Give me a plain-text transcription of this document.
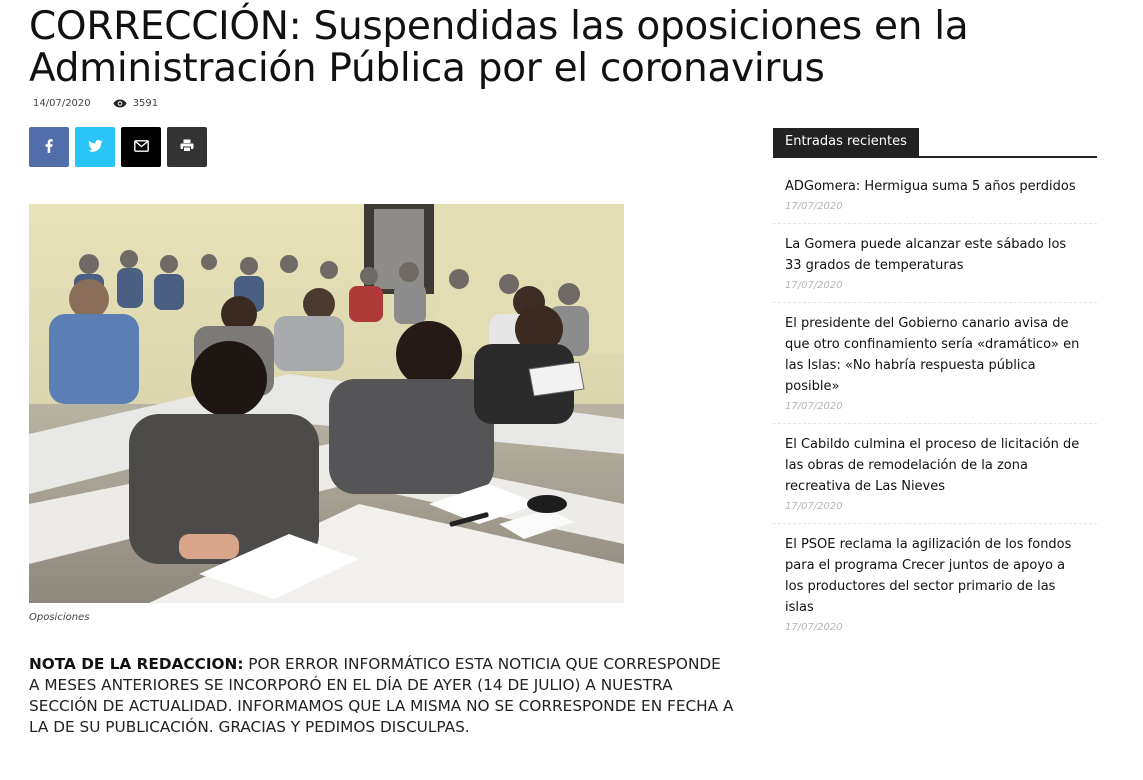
CORRECCIÓN: Suspendidas las oposiciones en la Administración Pública por el coronavirus
14/07/2020	3591
Oposiciones

NOTA DE LA REDACCION: POR ERROR INFORMÁTICO ESTA NOTICIA QUE CORRESPONDE A MESES ANTERIORES SE INCORPORÓ EN EL DÍA DE AYER (14 DE JULIO) A NUESTRA SECCIÓN DE ACTUALIDAD. INFORMAMOS QUE LA MISMA NO SE CORRESPONDE EN FECHA A LA DE SU PUBLICACIÓN. GRACIAS Y PEDIMOS DISCULPAS.

Entradas recientes
ADGomera: Hermigua suma 5 años perdidos
17/07/2020
La Gomera puede alcanzar este sábado los 33 grados de temperaturas
17/07/2020
El presidente del Gobierno canario avisa de que otro confinamiento sería «dramático» en las Islas: «No habría respuesta pública posible»
17/07/2020
El Cabildo culmina el proceso de licitación de las obras de remodelación de la zona recreativa de Las Nieves
17/07/2020
El PSOE reclama la agilización de los fondos para el programa Crecer juntos de apoyo a los productores del sector primario de las islas
17/07/2020
